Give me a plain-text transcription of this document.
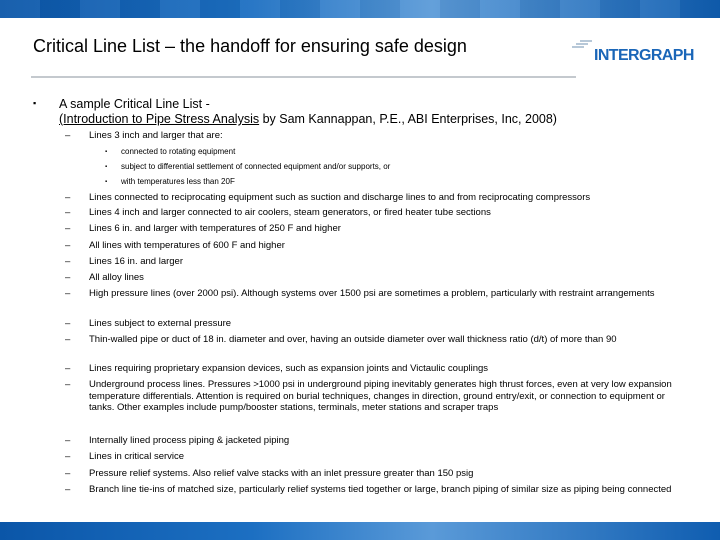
Critical Line List – the handoff for ensuring safe design	INTERGRAPH
▪ A sample Critical Line List -
(Introduction to Pipe Stress Analysis by Sam Kannappan, P.E., ABI Enterprises, Inc, 2008)
– Lines 3 inch and larger that are:
▪ connected to rotating equipment
▪ subject to differential settlement of connected equipment and/or supports, or
▪ with temperatures less than 20F
– Lines connected to reciprocating equipment such as suction and discharge lines to and from reciprocating compressors
– Lines 4 inch and larger connected to air coolers, steam generators, or fired heater tube sections
– Lines 6 in. and larger with temperatures of 250 F and higher
– All lines with temperatures of 600 F and higher
– Lines 16 in. and larger
– All alloy lines
– High pressure lines (over 2000 psi). Although systems over 1500 psi are sometimes a problem, particularly with restraint arrangements
– Lines subject to external pressure
– Thin-walled pipe or duct of 18 in. diameter and over, having an outside diameter over wall thickness ratio (d/t) of more than 90
– Lines requiring proprietary expansion devices, such as expansion joints and Victaulic couplings
– Underground process lines. Pressures >1000 psi in underground piping inevitably generates high thrust forces, even at very low expansion temperature differentials. Attention is required on burial techniques, changes in direction, ground entry/exit, or connection to equipment or tanks. Other examples include pump/booster stations, terminals, meter stations and scraper traps
– Internally lined process piping & jacketed piping
– Lines in critical service
– Pressure relief systems. Also relief valve stacks with an inlet pressure greater than 150 psig
– Branch line tie-ins of matched size, particularly relief systems tied together or large, branch piping of similar size as piping being connected
